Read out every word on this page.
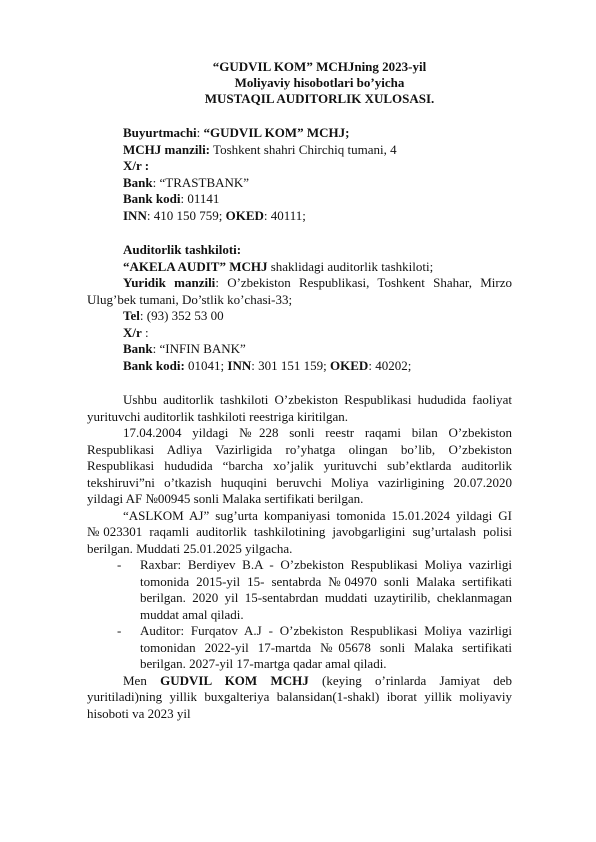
“GUDVIL KOM” MCHJning 2023-yil
Moliyaviy hisobotlari bo’yicha
MUSTAQIL AUDITORLIK XULOSASI.

Buyurtmachi: “GUDVIL KOM” MCHJ;

MCHJ manzili: Toshkent shahri Chirchiq tumani, 4

X/r :

Bank: “TRASTBANK”

Bank kodi: 01141

INN: 410 150 759; OKED: 40111;

Auditorlik tashkiloti:

“AKELA AUDIT” MCHJ shaklidagi auditorlik tashkiloti;

Yuridik manzili: O’zbekiston Respublikasi, Toshkent Shahar, Mirzo Ulug’bek tumani, Do’stlik ko’chasi-33;

Tel: (93) 352 53 00

X/r :

Bank: “INFIN BANK”

Bank kodi: 01041; INN: 301 151 159; OKED: 40202;

Ushbu auditorlik tashkiloti O’zbekiston Respublikasi hududida faoliyat yurituvchi auditorlik tashkiloti reestriga kiritilgan.

17.04.2004 yildagi №228 sonli reestr raqami bilan O’zbekiston Respublikasi Adliya Vazirligida ro’yhatga olingan bo’lib, O’zbekiston Respublikasi hududida “barcha xo’jalik yurituvchi sub’ektlarda auditorlik tekshiruvi”ni o’tkazish huquqini beruvchi Moliya vazirligining 20.07.2020 yildagi AF №00945 sonli Malaka sertifikati berilgan.

“ASLKOM AJ” sug’urta kompaniyasi tomonida 15.01.2024 yildagi GI №023301 raqamli auditorlik tashkilotining javobgarligini sug’urtalash polisi berilgan. Muddati 25.01.2025 yilgacha.

- Raxbar: Berdiyev B.A - O’zbekiston Respublikasi Moliya vazirligi tomonida 2015-yil 15- sentabrda №04970 sonli Malaka sertifikati berilgan. 2020 yil 15-sentabrdan muddati uzaytirilib, cheklanmagan muddat amal qiladi.
- Auditor: Furqatov A.J - O’zbekiston Respublikasi Moliya vazirligi tomonidan 2022-yil 17-martda №05678 sonli Malaka sertifikati berilgan. 2027-yil 17-martga qadar amal qiladi.

Men GUDVIL KOM MCHJ (keying o’rinlarda Jamiyat deb yuritiladi)ning yillik buxgalteriya balansidan(1-shakl) iborat yillik moliyaviy hisoboti va 2023 yil
